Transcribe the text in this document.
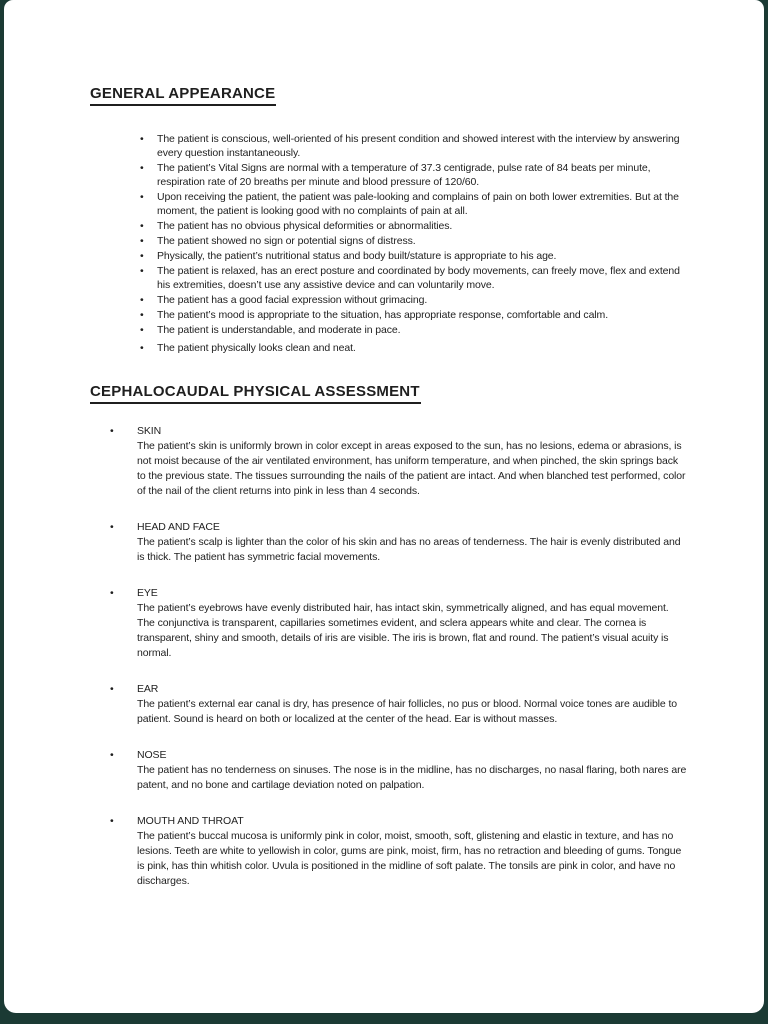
GENERAL APPEARANCE
•
The patient is conscious, well-oriented of his present condition and showed interest with the interview by answering every question instantaneously.
•
The patient’s Vital Signs are normal with a temperature of 37.3 centigrade, pulse rate of 84 beats per minute, respiration rate of 20 breaths per minute and blood pressure of 120/60.
•
Upon receiving the patient, the patient was pale-looking and complains of pain on both lower extremities. But at the moment, the patient is looking good with no complaints of pain at all.
•
The patient has no obvious physical deformities or abnormalities.
•
The patient showed no sign or potential signs of distress.
•
Physically, the patient’s nutritional status and body built/stature is appropriate to his age.
•
The patient is relaxed, has an erect posture and coordinated by body movements, can freely move, flex and extend his extremities, doesn’t use any assistive device and can voluntarily move.
•
The patient has a good facial expression without grimacing.
•
The patient’s mood is appropriate to the situation, has appropriate response, comfortable and calm.
•
The patient is understandable, and moderate in pace.
•
The patient physically looks clean and neat.
CEPHALOCAUDAL PHYSICAL ASSESSMENT
•
SKIN

The patient’s skin is uniformly brown in color except in areas exposed to the sun, has no lesions, edema or abrasions, is not moist because of the air ventilated environment, has uniform temperature, and when pinched, the skin springs back to the previous state. The tissues surrounding the nails of the patient are intact. And when blanched test performed, color of the nail of the client returns into pink in less than 4 seconds.

•
HEAD AND FACE

The patient’s scalp is lighter than the color of his skin and has no areas of tenderness. The hair is evenly distributed and is thick. The patient has symmetric facial movements.

•
EYE

The patient’s eyebrows have evenly distributed hair, has intact skin, symmetrically aligned, and has equal movement. The conjunctiva is transparent, capillaries sometimes evident, and sclera appears white and clear. The cornea is transparent, shiny and smooth, details of iris are visible. The iris is brown, flat and round. The patient’s visual acuity is normal.

•
EAR

The patient’s external ear canal is dry, has presence of hair follicles, no pus or blood. Normal voice tones are audible to patient. Sound is heard on both or localized at the center of the head. Ear is without masses.

•
NOSE

The patient has no tenderness on sinuses. The nose is in the midline, has no discharges, no nasal flaring, both nares are patent, and no bone and cartilage deviation noted on palpation.

•
MOUTH AND THROAT

The patient’s buccal mucosa is uniformly pink in color, moist, smooth, soft, glistening and elastic in texture, and has no lesions. Teeth are white to yellowish in color, gums are pink, moist, firm, has no retraction and bleeding of gums. Tongue is pink, has thin whitish color. Uvula is positioned in the midline of soft palate. The tonsils are pink in color, and have no discharges.
